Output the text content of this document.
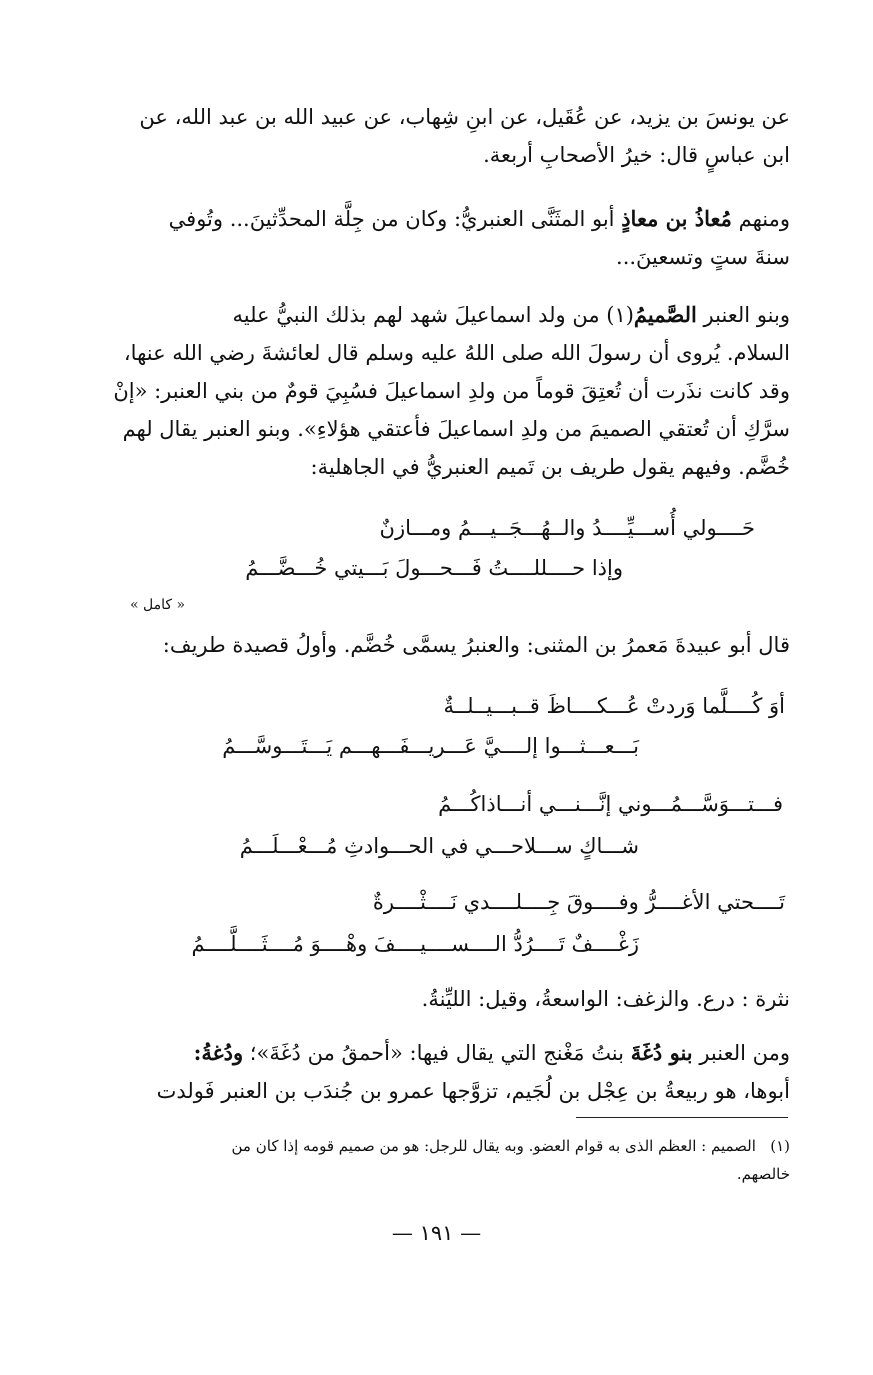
عن يونسَ بن يزيد، عن عُقَيل، عن ابنِ شِهاب، عن عبيد الله بن عبد الله، عن
ابن عباسٍ قال: خيرُ الأصحابِ أربعة.

ومنهم مُعاذُ بن معاذٍ أبو المثَنَّى العنبريُّ: وكان من جِلَّة المحدِّثينَ... وتُوفي
سنةَ ستٍ وتسعينَ...

وبنو العنبر الصَّميمُ(١) من ولد اسماعيلَ شهد لهم بذلك النبيُّ عليه
السلام. يُروى أن رسولَ الله صلى اللهُ عليه وسلم قال لعائشةَ رضي الله عنها،
وقد كانت نذَرت أن تُعتِقَ قوماً من ولدِ اسماعيلَ فسُبِيَ قومٌ من بني العنبر: «إنْ
سرَّكِ أن تُعتقي الصميمَ من ولدِ اسماعيلَ فأعتقي هؤلاءِ». وبنو العنبر يقال لهم
خُضَّم. وفيهم يقول طريف بن تَميم العنبريُّ في الجاهلية:

حَــــولي أُســـيِّــــدُ والــهُـــجَــيـــمُ ومـــازنٌ
وإذا حــــللــــتُ فَـــحـــولَ بَـــيتي خُـــضَّـــمُ
« كامل »

قال أبو عبيدةَ مَعمرُ بن المثنى: والعنبرُ يسمَّى خُضَّم. وأولُ قصيدة طريف:

أوَ كُــــلَّما وَردتْ عُـــكــــاظَ قــبـــيــلــةٌ
بَـــعـــثـــوا إلــــيَّ عَـــريـــفَـــهـــم يَـــتَـــوسَّـــمُ
فـــتـــوَسَّـــمُـــوني إنَّـــنـــي أنـــاذاكُـــمُ
شـــاكٍ ســـلاحـــي في الحـــوادثِ مُـــعْـــلَـــمُ
تَــــحتي الأغــــرُّ وفــــوقَ جِــــلــــدي نَــــثْــــرةٌ
زَغْــــفٌ تَــــرُدُّ الــــســــيــــفَ وهْــــوَ مُــــثَــــلَّــــمُ

نثرة : درع. والزغف: الواسعةُ، وقيل: الليِّنةُ.

ومن العنبر بنو دُغَةَ بنتُ مَغْنج التي يقال فيها: «أحمقُ من دُغَةَ»؛ ودُغةُ:
أبوها، هو ربيعةُ بن عِجْل بن لُجَيم، تزوَّجها عمرو بن جُندَب بن العنبر فَولدت

(١)   الصميم : العظم الذى به قوام العضو. وبه يقال للرجل: هو من صميم قومه إذا كان من
خالصهم.

— ١٩١ —
